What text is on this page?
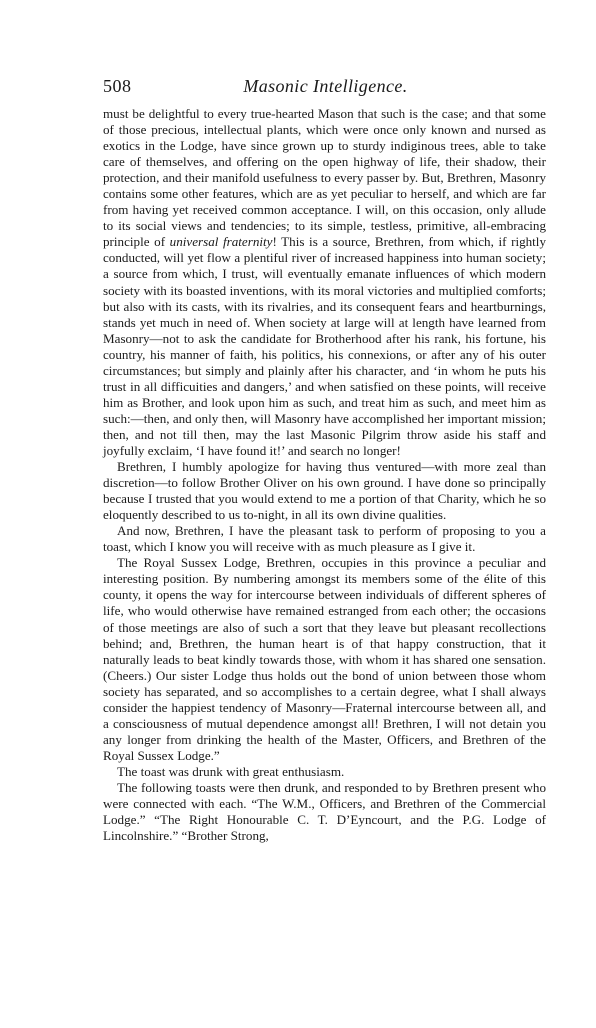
508	Masonic Intelligence.

must be delightful to every true-hearted Mason that such is the case; and that some of those precious, intellectual plants, which were once only known and nursed as exotics in the Lodge, have since grown up to sturdy indiginous trees, able to take care of themselves, and offering on the open highway of life, their shadow, their protection, and their manifold usefulness to every passer by. But, Brethren, Masonry contains some other features, which are as yet peculiar to herself, and which are far from having yet received common acceptance. I will, on this occasion, only allude to its social views and tendencies; to its simple, testless, primitive, all-embracing principle of universal fraternity! This is a source, Brethren, from which, if rightly conducted, will yet flow a plentiful river of increased happiness into human society; a source from which, I trust, will eventually emanate influences of which modern society with its boasted inventions, with its moral victories and multiplied comforts; but also with its casts, with its rivalries, and its consequent fears and heartburnings, stands yet much in need of. When society at large will at length have learned from Masonry—not to ask the candidate for Brotherhood after his rank, his fortune, his country, his manner of faith, his politics, his connexions, or after any of his outer circumstances; but simply and plainly after his character, and ‘in whom he puts his trust in all difficuities and dangers,’ and when satisfied on these points, will receive him as Brother, and look upon him as such, and treat him as such, and meet him as such:—then, and only then, will Masonry have accomplished her important mission; then, and not till then, may the last Masonic Pilgrim throw aside his staff and joyfully exclaim, ‘I have found it!’ and search no longer!

Brethren, I humbly apologize for having thus ventured—with more zeal than discretion—to follow Brother Oliver on his own ground. I have done so principally because I trusted that you would extend to me a portion of that Charity, which he so eloquently described to us to-night, in all its own divine qualities.

And now, Brethren, I have the pleasant task to perform of proposing to you a toast, which I know you will receive with as much pleasure as I give it.

The Royal Sussex Lodge, Brethren, occupies in this province a peculiar and interesting position. By numbering amongst its members some of the élite of this county, it opens the way for intercourse between individuals of different spheres of life, who would otherwise have remained estranged from each other; the occasions of those meetings are also of such a sort that they leave but pleasant recollections behind; and, Brethren, the human heart is of that happy construction, that it naturally leads to beat kindly towards those, with whom it has shared one sensation. (Cheers.) Our sister Lodge thus holds out the bond of union between those whom society has separated, and so accomplishes to a certain degree, what I shall always consider the happiest tendency of Masonry—Fraternal intercourse between all, and a consciousness of mutual dependence amongst all! Brethren, I will not detain you any longer from drinking the health of the Master, Officers, and Brethren of the Royal Sussex Lodge.”

The toast was drunk with great enthusiasm.

The following toasts were then drunk, and responded to by Brethren present who were connected with each. “The W.M., Officers, and Brethren of the Commercial Lodge.” “The Right Honourable C. T. D’Eyncourt, and the P.G. Lodge of Lincolnshire.” “Brother Strong,
